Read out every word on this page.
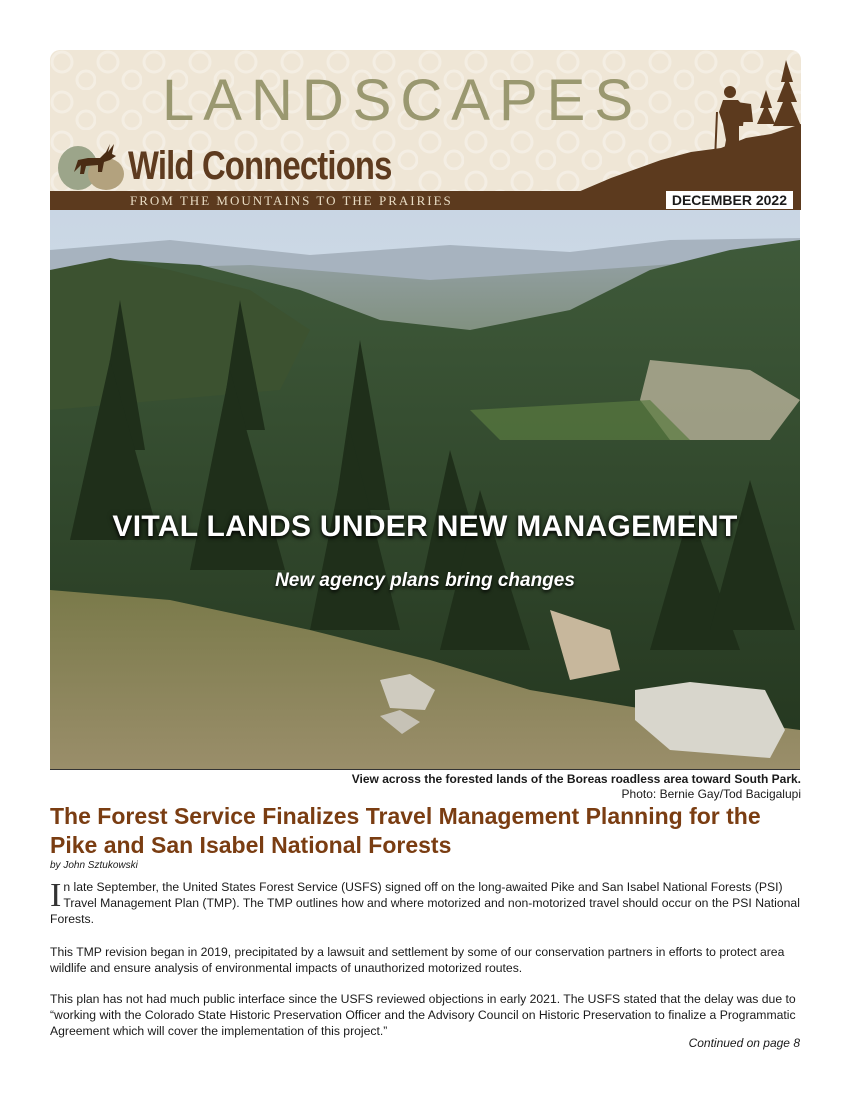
LANDSCAPES
Wild Connections
FROM THE MOUNTAINS TO THE PRAIRIES	DECEMBER 2022
VITAL LANDS UNDER NEW MANAGEMENT

New agency plans bring changes

View across the forested lands of the Boreas roadless area toward South Park.
Photo: Bernie Gay/Tod Bacigalupi
The Forest Service Finalizes Travel Management Planning for the Pike and San Isabel National Forests
by John Sztukowski

In late September, the United States Forest Service (USFS) signed off on the long-awaited Pike and San Isabel National Forests (PSI) Travel Management Plan (TMP). The TMP outlines how and where motorized and non-motorized travel should occur on the PSI National Forests.

This TMP revision began in 2019, precipitated by a lawsuit and settlement by some of our conservation partners in efforts to protect area wildlife and ensure analysis of environmental impacts of unauthorized motorized routes.

This plan has not had much public interface since the USFS reviewed objections in early 2021. The USFS stated that the delay was due to “working with the Colorado State Historic Preservation Officer and the Advisory Council on Historic Preservation to finalize a Programmatic Agreement which will cover the implementation of this project.”

Continued on page 8
